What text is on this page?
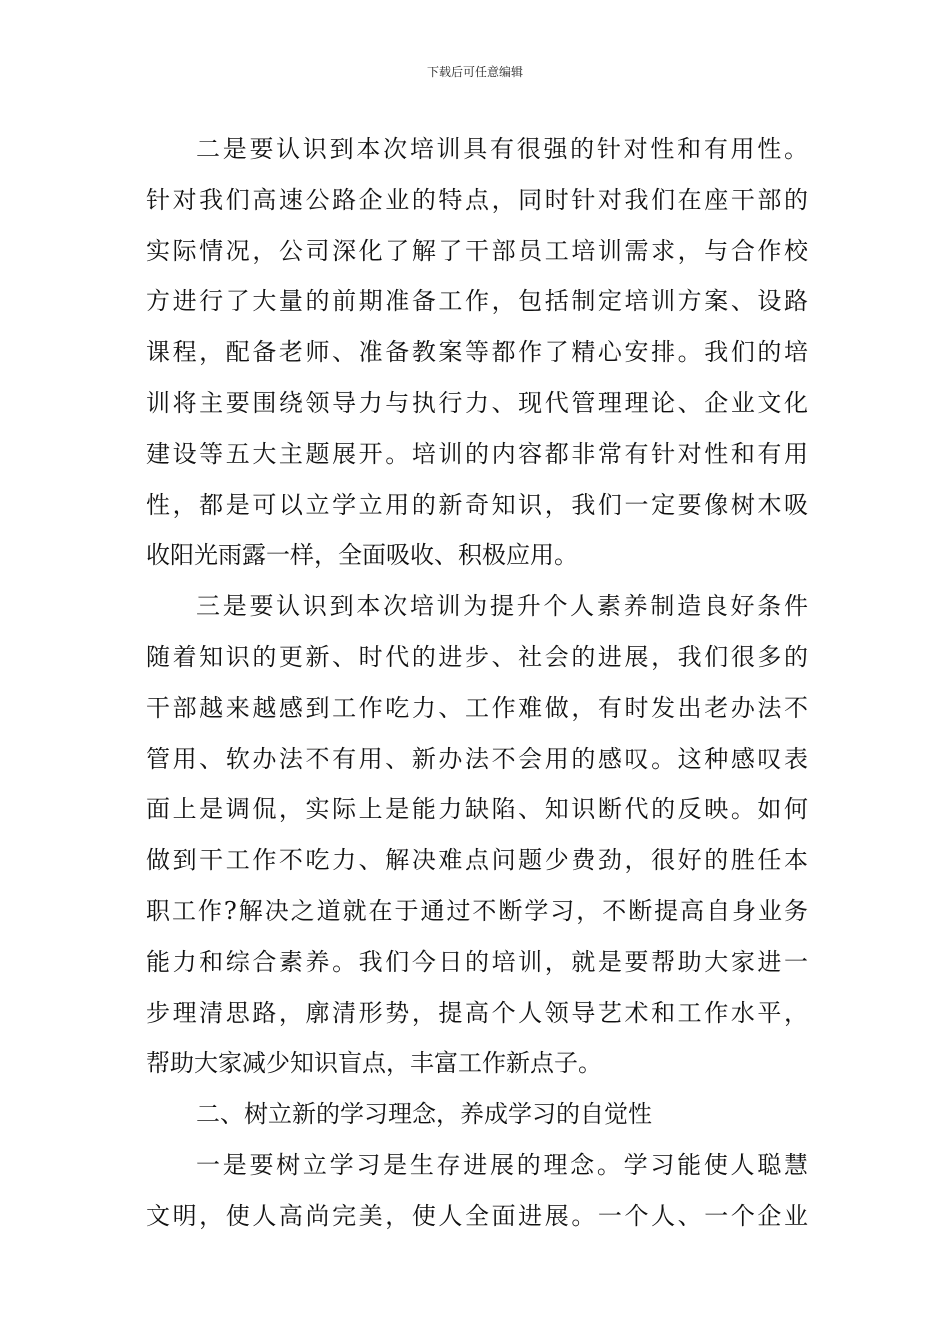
下载后可任意编辑
二是要认识到本次培训具有很强的针对性和有用性。
针对我们高速公路企业的特点，同时针对我们在座干部的
实际情况，公司深化了解了干部员工培训需求，与合作校
方进行了大量的前期准备工作，包括制定培训方案、设路
课程，配备老师、准备教案等都作了精心安排。我们的培
训将主要围绕领导力与执行力、现代管理理论、企业文化
建设等五大主题展开。培训的内容都非常有针对性和有用
性，都是可以立学立用的新奇知识，我们一定要像树木吸
收阳光雨露一样，全面吸收、积极应用。
三是要认识到本次培训为提升个人素养制造良好条件
随着知识的更新、时代的进步、社会的进展，我们很多的
干部越来越感到工作吃力、工作难做，有时发出老办法不
管用、软办法不有用、新办法不会用的感叹。这种感叹表
面上是调侃，实际上是能力缺陷、知识断代的反映。如何
做到干工作不吃力、解决难点问题少费劲，很好的胜任本
职工作?解决之道就在于通过不断学习，不断提高自身业务
能力和综合素养。我们今日的培训，就是要帮助大家进一
步理清思路，廓清形势，提高个人领导艺术和工作水平，
帮助大家减少知识盲点，丰富工作新点子。
二、树立新的学习理念，养成学习的自觉性
一是要树立学习是生存进展的理念。学习能使人聪慧
文明，使人高尚完美，使人全面进展。一个人、一个企业
